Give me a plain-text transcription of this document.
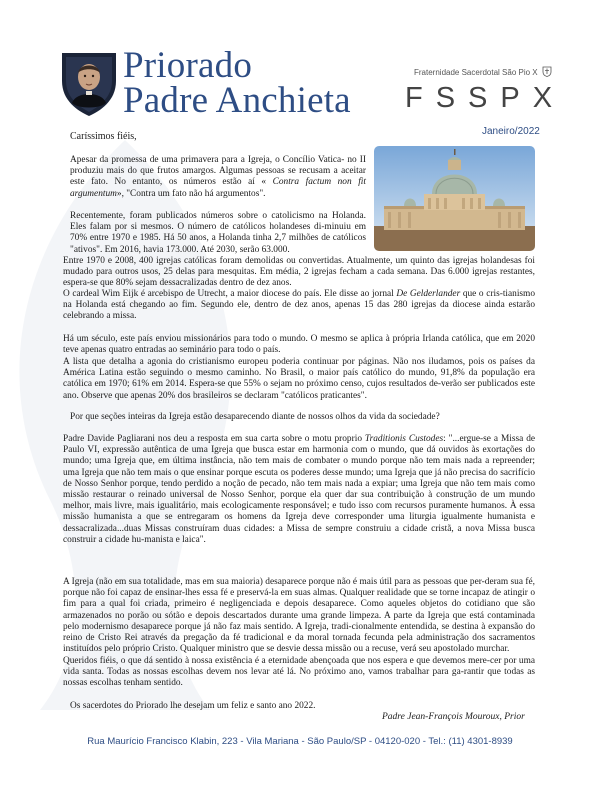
Priorado
Padre Anchieta
Fraternidade Sacerdotal São Pio X
FSSPX
Janeiro/2022
Caríssimos fiéis,

Apesar da promessa de uma primavera para a Igreja, o Concílio Vatica- no II produziu mais do que frutos amargos. Algumas pessoas se recusam a aceitar este fato. No entanto, os números estão aí « Contra factum non fit argumentum», "Contra um fato não há argumentos".

Recentemente, foram publicados números sobre o catolicismo na Holanda. Eles falam por si mesmos. O número de católicos holandeses di-minuiu em 70% entre 1970 e 1985. Há 50 anos, a Holanda tinha 2,7 milhões de católicos "ativos". Em 2016, havia 173.000. Até 2030, serão 63.000.

Entre 1970 e 2008, 400 igrejas católicas foram demolidas ou convertidas. Atualmente, um quinto das igrejas holandesas foi mudado para outros usos, 25 delas para mesquitas. Em média, 2 igrejas fecham a cada semana. Das 6.000 igrejas restantes, espera-se que 80% sejam dessacralizadas dentro de dez anos.

O cardeal Wim Eijk é arcebispo de Utrecht, a maior diocese do país. Ele disse ao jornal De Gelderlander que o cris-tianismo na Holanda está chegando ao fim. Segundo ele, dentro de dez anos, apenas 15 das 280 igrejas da diocese ainda estarão celebrando a missa.

Há um século, este país enviou missionários para todo o mundo. O mesmo se aplica à própria Irlanda católica, que em 2020 teve apenas quatro entradas ao seminário para todo o país.

A lista que detalha a agonia do cristianismo europeu poderia continuar por páginas. Não nos iludamos, pois os países da América Latina estão seguindo o mesmo caminho. No Brasil, o maior país católico do mundo, 91,8% da população era católica em 1970; 61% em 2014. Espera-se que 55% o sejam no próximo censo, cujos resultados de-verão ser publicados este ano. Observe que apenas 20% dos brasileiros se declaram "católicos praticantes".

Por que seções inteiras da Igreja estão desaparecendo diante de nossos olhos da vida da sociedade?

Padre Davide Pagliarani nos deu a resposta em sua carta sobre o motu proprio Traditionis Custodes: "...ergue-se a Missa de Paulo VI, expressão autêntica de uma Igreja que busca estar em harmonia com o mundo, que dá ouvidos às exortações do mundo; uma Igreja que, em última instância, não tem mais de combater o mundo porque não tem mais nada a repreender; uma Igreja que não tem mais o que ensinar porque escuta os poderes desse mundo; uma Igreja que já não precisa do sacrifício de Nosso Senhor porque, tendo perdido a noção de pecado, não tem mais nada a expiar; uma Igreja que não tem mais como missão restaurar o reinado universal de Nosso Senhor, porque ela quer dar sua contribuição à construção de um mundo melhor, mais livre, mais igualitário, mais ecologicamente responsável; e tudo isso com recursos puramente humanos. À essa missão humanista a que se entregaram os homens da Igreja deve corresponder uma liturgia igualmente humanista e dessacralizada...duas Missas construíram duas cidades: a Missa de sempre construiu a cidade cristã, a nova Missa busca construir a cidade hu-manista e laica".

A Igreja (não em sua totalidade, mas em sua maioria) desaparece porque não é mais útil para as pessoas que per-deram sua fé, porque não foi capaz de ensinar-lhes essa fé e preservá-la em suas almas. Qualquer realidade que se torne incapaz de atingir o fim para a qual foi criada, primeiro é negligenciada e depois desaparece. Como aqueles objetos do cotidiano que são armazenados no porão ou sótão e depois descartados durante uma grande limpeza. A parte da Igreja que está contaminada pelo modernismo desaparece porque já não faz mais sentido. A Igreja, tradi-cionalmente entendida, se destina à expansão do reino de Cristo Rei através da pregação da fé tradicional e da moral tornada fecunda pela administração dos sacramentos instituídos pelo próprio Cristo. Qualquer ministro que se desvie dessa missão ou a recuse, verá seu apostolado murchar.

Queridos fiéis, o que dá sentido à nossa existência é a eternidade abençoada que nos espera e que devemos mere-cer por uma vida santa. Todas as nossas escolhas devem nos levar até lá. No próximo ano, vamos trabalhar para ga-rantir que todas as nossas escolhas tenham sentido.

Os sacerdotes do Priorado lhe desejam um feliz e santo ano 2022.

Padre Jean-François Mouroux, Prior
Rua Maurício Francisco Klabin, 223 - Vila Mariana - São Paulo/SP - 04120-020 - Tel.: (11) 4301-8939
